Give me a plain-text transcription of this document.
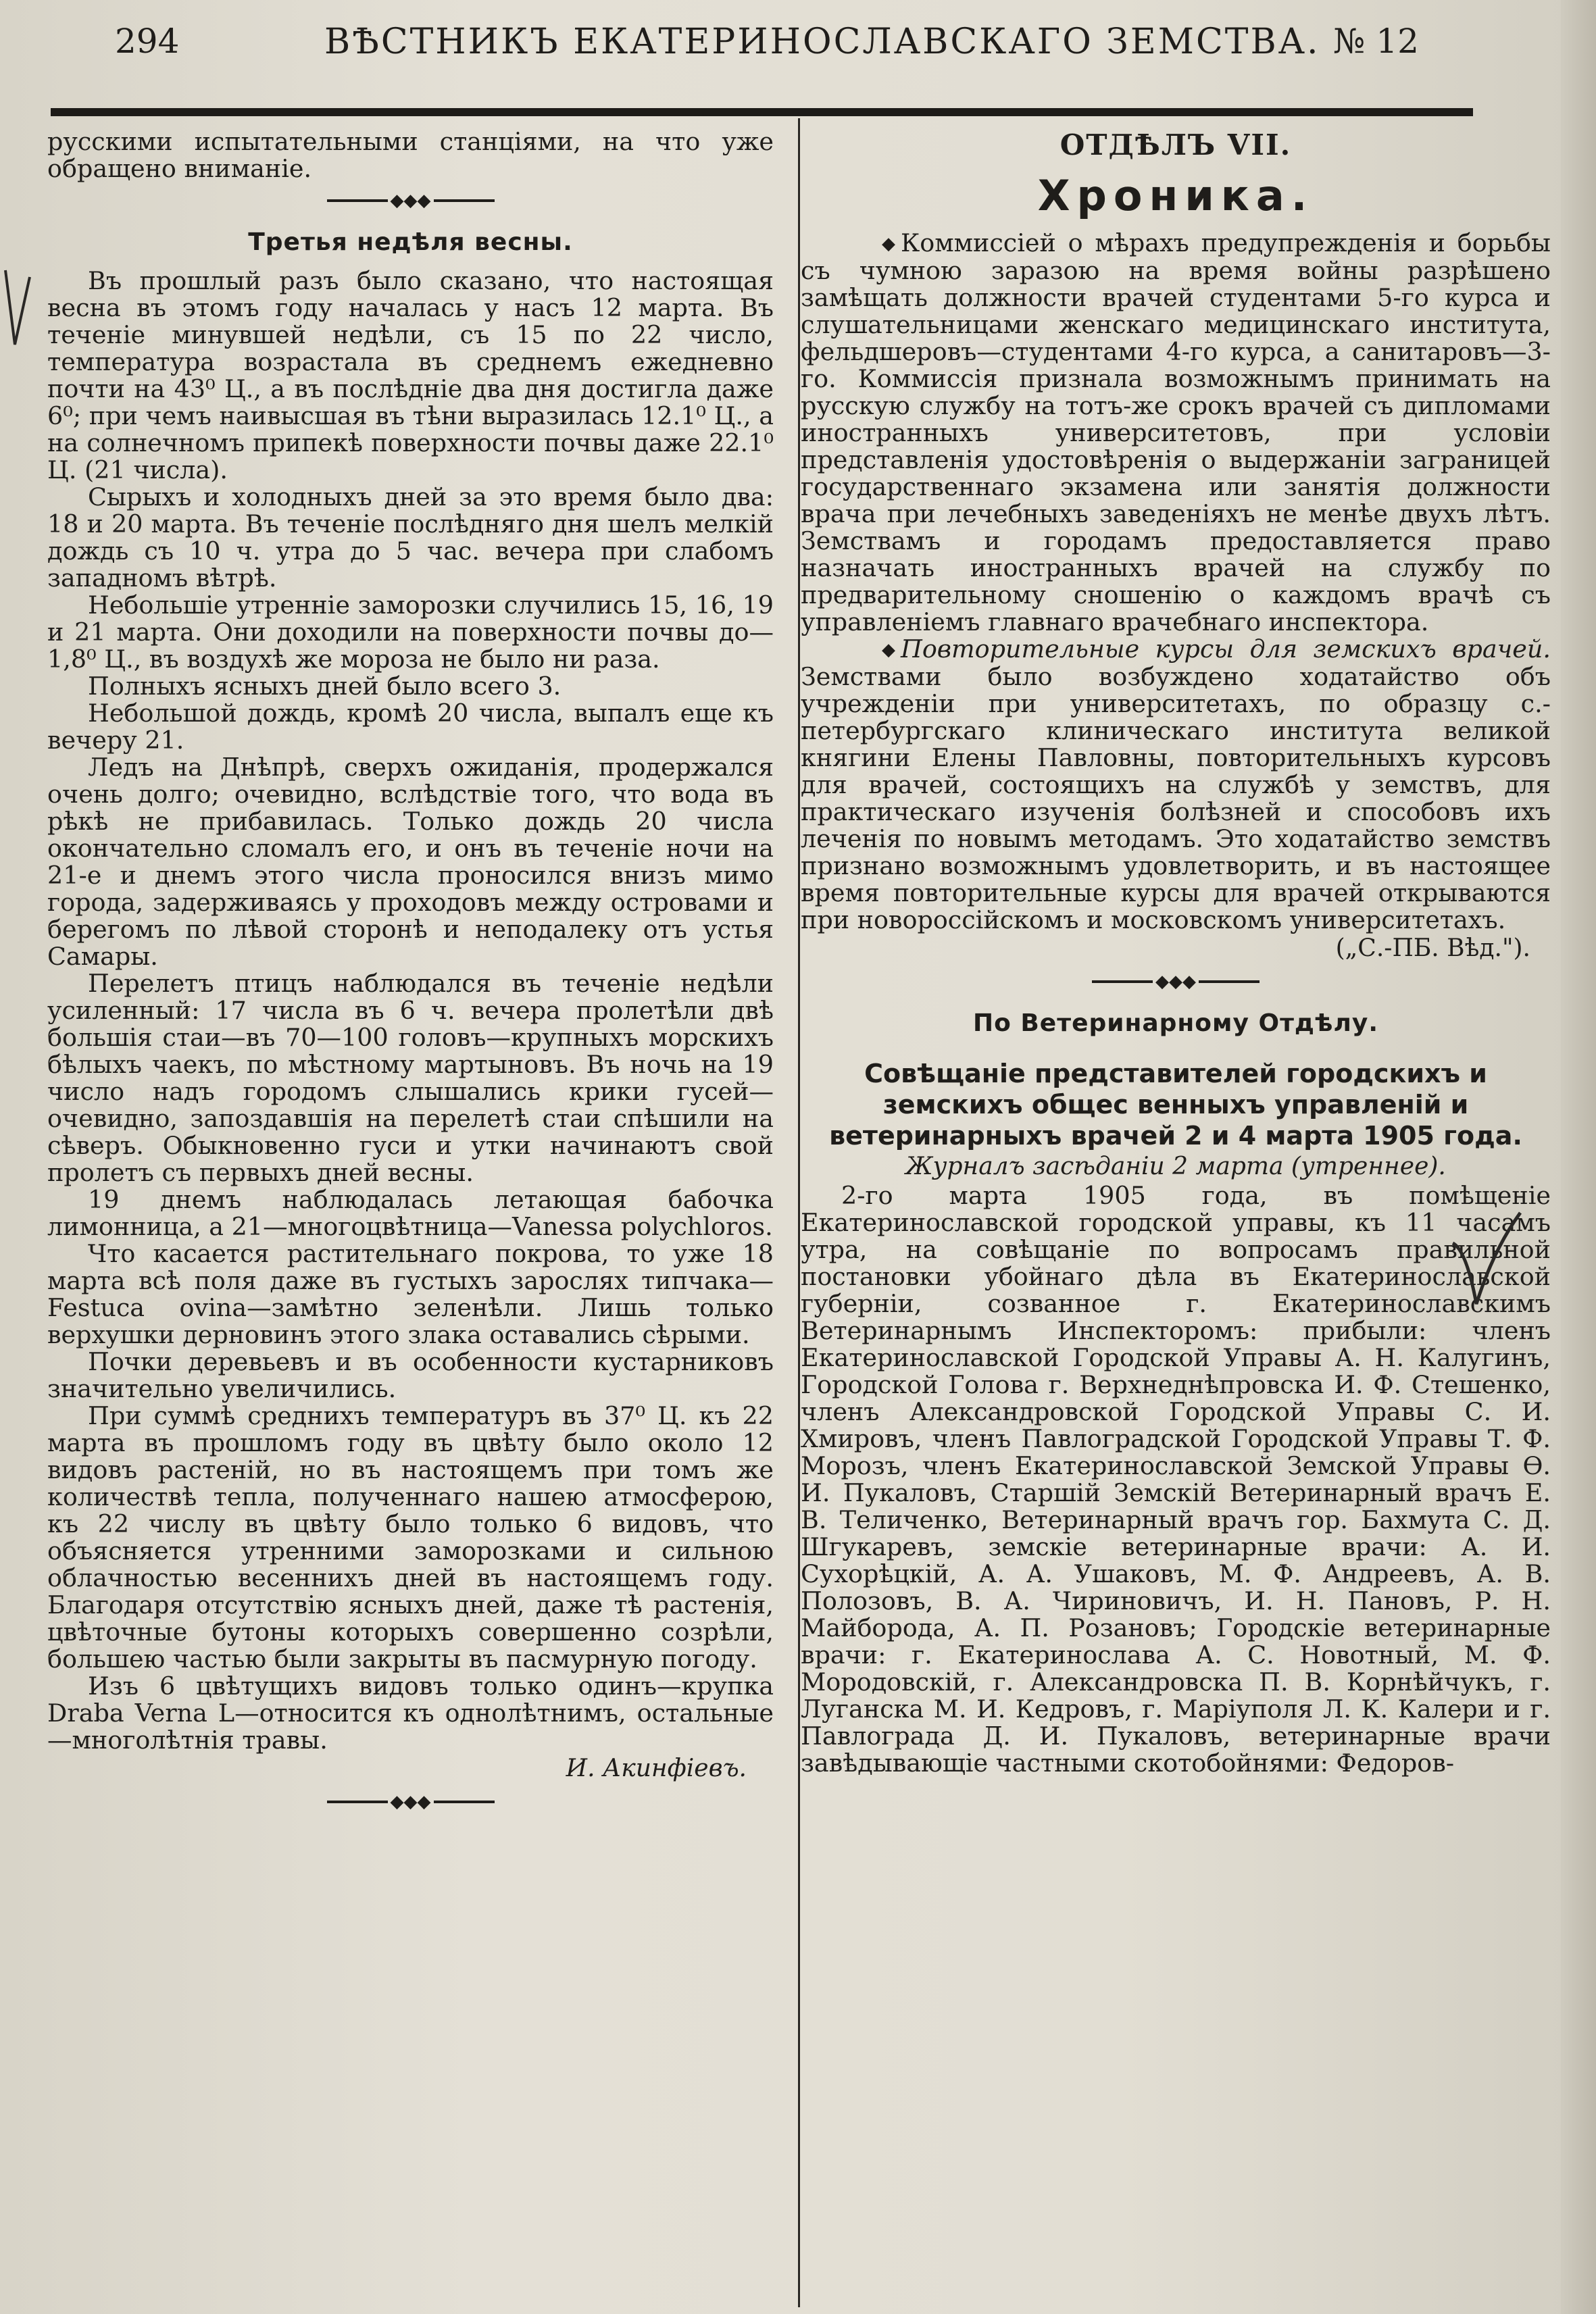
294	ВѢСТНИКЪ ЕКАТЕРИНОСЛАВСКАГО ЗЕМСТВА. № 12

русскими испытательными станціями, на что уже обращено вниманіе.

◆◆◆
Третья недѣля весны.

Въ прошлый разъ было сказано, что настоящая весна въ этомъ году началась у насъ 12 марта. Въ теченіе минувшей недѣли, съ 15 по 22 число, температура возрастала въ среднемъ ежедневно почти на 43⁰ Ц., а въ послѣдніе два дня достигла даже 6⁰; при чемъ наивысшая въ тѣни выразилась 12.1⁰ Ц., а на солнечномъ припекѣ поверхности почвы даже 22.1⁰ Ц. (21 числа).

Сырыхъ и холодныхъ дней за это время было два: 18 и 20 марта. Въ теченіе послѣдняго дня шелъ мелкій дождь съ 10 ч. утра до 5 час. вечера при слабомъ западномъ вѣтрѣ.

Небольшіе утренніе заморозки случились 15, 16, 19 и 21 марта. Они доходили на поверхности почвы до—1,8⁰ Ц., въ воздухѣ же мороза не было ни раза.

Полныхъ ясныхъ дней было всего 3.

Небольшой дождь, кромѣ 20 числа, выпалъ еще къ вечеру 21.

Ледъ на Днѣпрѣ, сверхъ ожиданія, продержался очень долго; очевидно, вслѣдствіе того, что вода въ рѣкѣ не прибавилась. Только дождь 20 числа окончательно сломалъ его, и онъ въ теченіе ночи на 21-е и днемъ этого числа проносился внизъ мимо города, задерживаясь у проходовъ между островами и берегомъ по лѣвой сторонѣ и неподалеку отъ устья Самары.

Перелетъ птицъ наблюдался въ теченіе недѣли усиленный: 17 числа въ 6 ч. вечера пролетѣли двѣ большія стаи—въ 70—100 головъ—крупныхъ морскихъ бѣлыхъ чаекъ, по мѣстному мартыновъ. Въ ночь на 19 число надъ городомъ слышались крики гусей—очевидно, запоздавшія на перелетѣ стаи спѣшили на сѣверъ. Обыкновенно гуси и утки начинаютъ свой пролетъ съ первыхъ дней весны.

19 днемъ наблюдалась летающая бабочка лимонница, а 21—многоцвѣтница—Vanessa polychloros.

Что касается растительнаго покрова, то уже 18 марта всѣ поля даже въ густыхъ зарослях типчака—Festuca ovina—замѣтно зеленѣли. Лишь только верхушки дерновинъ этого злака оставались сѣрыми.

Почки деревьевъ и въ особенности кустарниковъ значительно увеличились.

При суммѣ среднихъ температуръ въ 37⁰ Ц. къ 22 марта въ прошломъ году въ цвѣту было около 12 видовъ растеній, но въ настоящемъ при томъ же количествѣ тепла, полученнаго нашею атмосферою, къ 22 числу въ цвѣту было только 6 видовъ, что объясняется утренними заморозками и сильною облачностью весеннихъ дней въ настоящемъ году. Благодаря отсутствію ясныхъ дней, даже тѣ растенія, цвѣточные бутоны которыхъ совершенно созрѣли, большею частью были закрыты въ пасмурную погоду.

Изъ 6 цвѣтущихъ видовъ только одинъ—крупка Draba Verna L—относится къ однолѣтнимъ, остальные—многолѣтнія травы.

И. Акинфіевъ.
◆◆◆
ОТДѢЛЪ VII.
Хроника.

◆ Коммиссіей о мѣрахъ предупрежденія и борьбы съ чумною заразою на время войны разрѣшено замѣщать должности врачей студентами 5-го курса и слушательницами женскаго медицинскаго института, фельдшеровъ—студентами 4-го курса, а санитаровъ—3-го. Коммиссія признала возможнымъ принимать на русскую службу на тотъ-же срокъ врачей съ дипломами иностранныхъ университетовъ, при условіи представленія удостовѣренія о выдержаніи заграницей государственнаго экзамена или занятія должности врача при лечебныхъ заведеніяхъ не менѣе двухъ лѣтъ. Земствамъ и городамъ предоставляется право назначать иностранныхъ врачей на службу по предварительному сношенію о каждомъ врачѣ съ управленіемъ главнаго врачебнаго инспектора.

◆ Повторительные курсы для земскихъ врачей. Земствами было возбуждено ходатайство объ учрежденіи при университетахъ, по образцу с.-петербургскаго клиническаго института великой княгини Елены Павловны, повторительныхъ курсовъ для врачей, состоящихъ на службѣ у земствъ, для практическаго изученія болѣзней и способовъ ихъ леченія по новымъ методамъ. Это ходатайство земствъ признано возможнымъ удовлетворить, и въ настоящее время повторительные курсы для врачей открываются при новороссійскомъ и московскомъ университетахъ.

(„С.-ПБ. Вѣд.").
◆◆◆
По Ветеринарному Отдѣлу.
Совѣщаніе представителей городскихъ и земскихъ общес венныхъ управленій и ветеринарныхъ врачей 2 и 4 марта 1905 года.
Журналъ засѣданіи 2 марта (утреннее).

2-го марта 1905 года, въ помѣщеніе Екатеринославской городской управы, къ 11 часамъ утра, на совѣщаніе по вопросамъ правильной постановки убойнаго дѣла въ Екатеринославской губерніи, созванное г. Екатеринославскимъ Ветеринарнымъ Инспекторомъ: прибыли: членъ Екатеринославской Городской Управы А. Н. Калугинъ, Городской Голова г. Верхнеднѣпровска И. Ф. Стешенко, членъ Александровской Городской Управы С. И. Хмировъ, членъ Павлоградской Городской Управы Т. Ф. Морозъ, членъ Екатеринославской Земской Управы Ѳ. И. Пукаловъ, Старшій Земскій Ветеринарный врачъ Е. В. Теличенко, Ветеринарный врачъ гор. Бахмута С. Д. Шгукаревъ, земскіе ветеринарные врачи: А. И. Сухорѣцкій, А. А. Ушаковъ, М. Ф. Андреевъ, А. В. Полозовъ, В. А. Чириновичъ, И. Н. Пановъ, Р. Н. Майборода, А. П. Розановъ; Городскіе ветеринарные врачи: г. Екатеринослава А. С. Новотный, М. Ф. Мородовскій, г. Александровска П. В. Корнѣйчукъ, г. Луганска М. И. Кедровъ, г. Маріуполя Л. К. Калери и г. Павлограда Д. И. Пукаловъ, ветеринарные врачи завѣдывающіе частными скотобойнями: Федоров-
